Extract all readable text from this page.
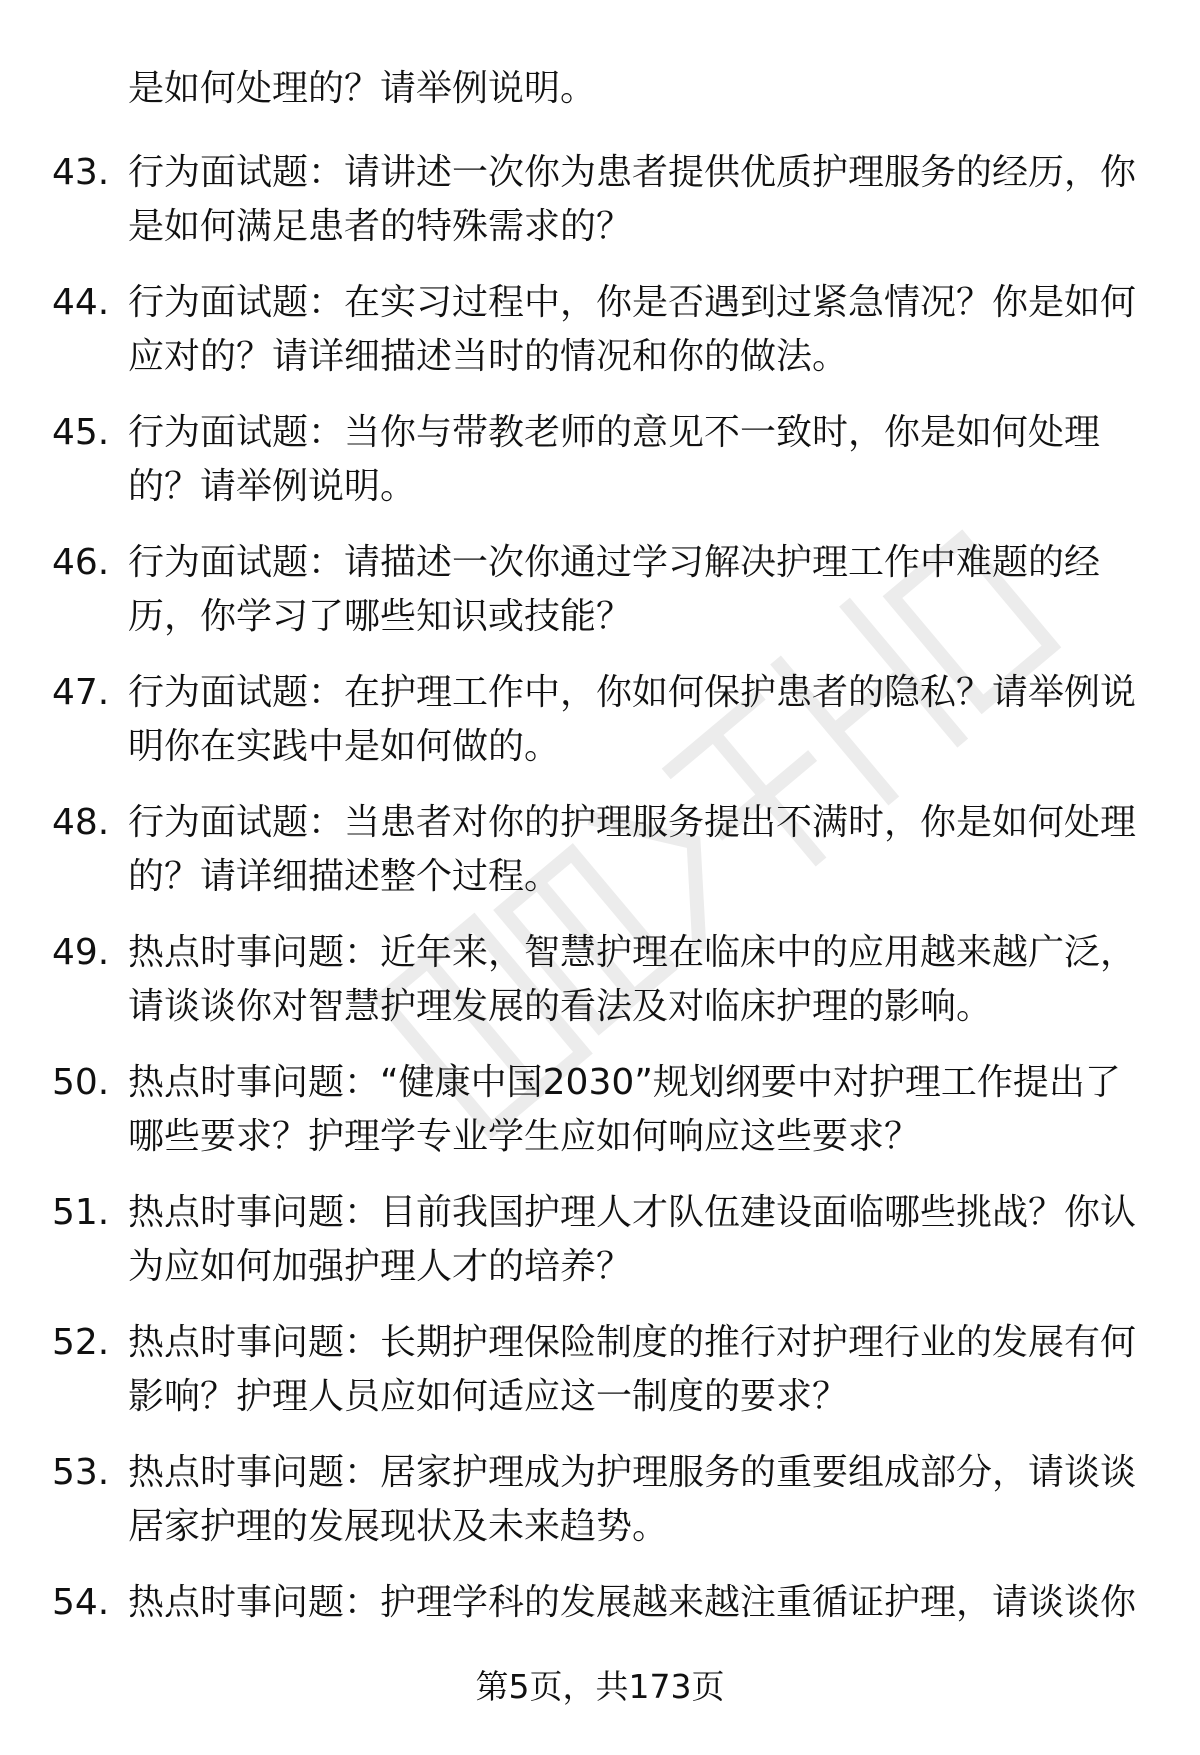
是如何处理的？请举例说明。
43. 行为面试题：请讲述一次你为患者提供优质护理服务的经历，你
是如何满足患者的特殊需求的？
44. 行为面试题：在实习过程中，你是否遇到过紧急情况？你是如何
应对的？请详细描述当时的情况和你的做法。
45. 行为面试题：当你与带教老师的意见不一致时，你是如何处理
的？请举例说明。
46. 行为面试题：请描述一次你通过学习解决护理工作中难题的经
历，你学习了哪些知识或技能？
47. 行为面试题：在护理工作中，你如何保护患者的隐私？请举例说
明你在实践中是如何做的。
48. 行为面试题：当患者对你的护理服务提出不满时，你是如何处理
的？请详细描述整个过程。
49. 热点时事问题：近年来，智慧护理在临床中的应用越来越广泛，
请谈谈你对智慧护理发展的看法及对临床护理的影响。
50. 热点时事问题：“健康中国2030”规划纲要中对护理工作提出了
哪些要求？护理学专业学生应如何响应这些要求？
51. 热点时事问题：目前我国护理人才队伍建设面临哪些挑战？你认
为应如何加强护理人才的培养？
52. 热点时事问题：长期护理保险制度的推行对护理行业的发展有何
影响？护理人员应如何适应这一制度的要求？
53. 热点时事问题：居家护理成为护理服务的重要组成部分，请谈谈
居家护理的发展现状及未来趋势。
54. 热点时事问题：护理学科的发展越来越注重循证护理，请谈谈你
第5页，共173页
